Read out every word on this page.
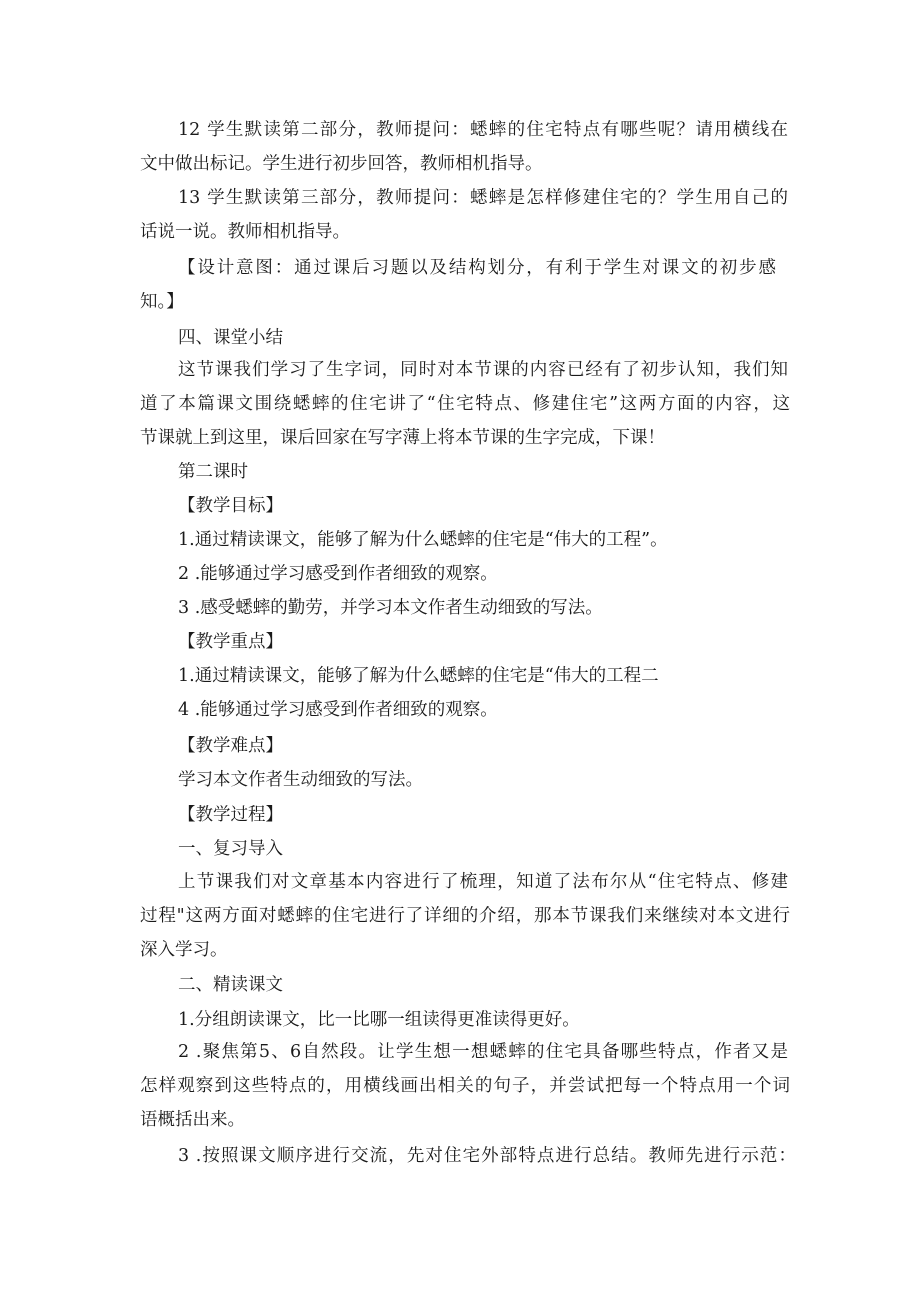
12 学生默读第二部分，教师提问：蟋蟀的住宅特点有哪些呢？请用横线在
文中做出标记。学生进行初步回答，教师相机指导。
13 学生默读第三部分，教师提问：蟋蟀是怎样修建住宅的？学生用自己的
话说一说。教师相机指导。
【设计意图：通过课后习题以及结构划分，有利于学生对课文的初步感
知。】
四、课堂小结
这节课我们学习了生字词，同时对本节课的内容已经有了初步认知，我们知
道了本篇课文围绕蟋蟀的住宅讲了“住宅特点、修建住宅”这两方面的内容，这
节课就上到这里，课后回家在写字薄上将本节课的生字完成，下课！
第二课时
【教学目标】
1.通过精读课文，能够了解为什么蟋蟀的住宅是“伟大的工程”。
2 .能够通过学习感受到作者细致的观察。
3 .感受蟋蟀的勤劳，并学习本文作者生动细致的写法。
【教学重点】
1.通过精读课文，能够了解为什么蟋蟀的住宅是“伟大的工程二
4 .能够通过学习感受到作者细致的观察。
【教学难点】
学习本文作者生动细致的写法。
【教学过程】
一、复习导入
上节课我们对文章基本内容进行了梳理，知道了法布尔从“住宅特点、修建
过程"这两方面对蟋蟀的住宅进行了详细的介绍，那本节课我们来继续对本文进行
深入学习。
二、精读课文
1.分组朗读课文，比一比哪一组读得更准读得更好。
2 .聚焦第5、6自然段。让学生想一想蟋蟀的住宅具备哪些特点，作者又是
怎样观察到这些特点的，用横线画出相关的句子，并尝试把每一个特点用一个词
语概括出来。
3 .按照课文顺序进行交流，先对住宅外部特点进行总结。教师先进行示范：
